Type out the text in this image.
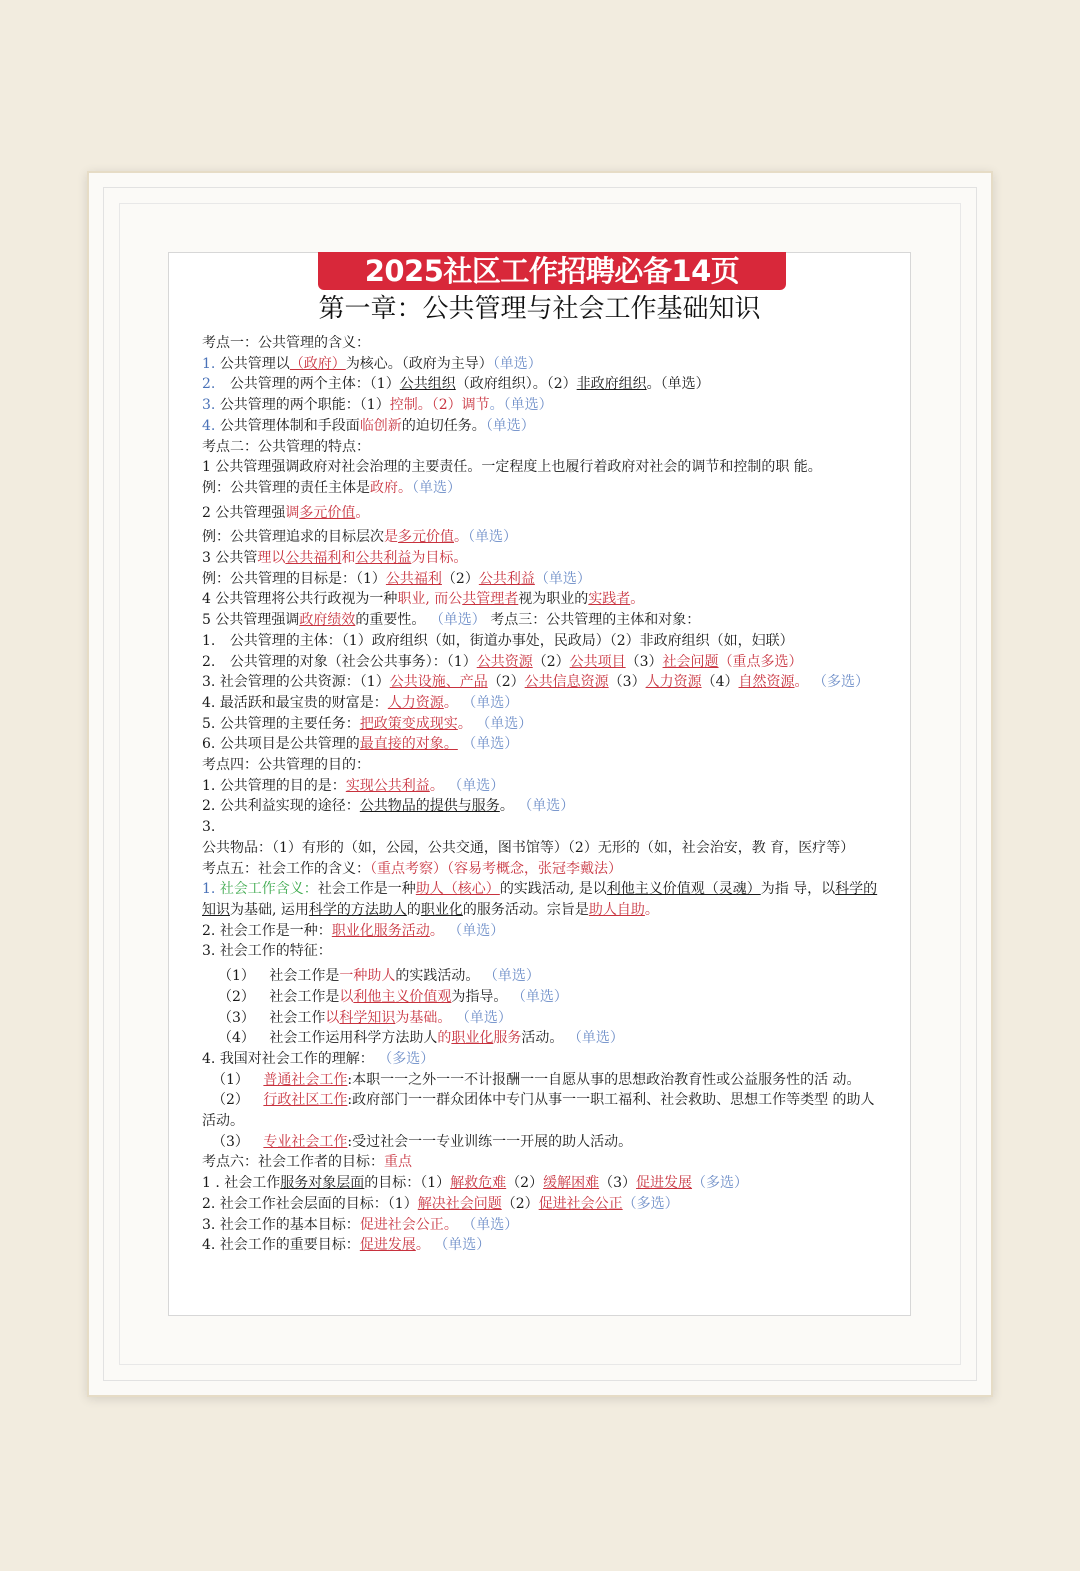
2025社区工作招聘必备14页
第一章：公共管理与社会工作基础知识
考点一：公共管理的含义：
1. 公共管理以（政府）为核心。（政府为主导）（单选）
2. 公共管理的两个主体：（1）公共组织（政府组织）。（2）非政府组织。（单选）
3. 公共管理的两个职能：（1）控制。（2）调节。（单选）
4. 公共管理体制和手段面临创新的迫切任务。（单选）
考点二：公共管理的特点：
1 公共管理强调政府对社会治理的主要责任。一定程度上也履行着政府对社会的调节和控制的职 能。
例：公共管理的责任主体是政府。（单选）
2 公共管理强调多元价值。
例：公共管理追求的目标层次是多元价值。（单选）
3 公共管理以公共福利和公共利益为目标。
例：公共管理的目标是：（1）公共福利（2）公共利益（单选）
4 公共管理将公共行政视为一种职业, 而公共管理者视为职业的实践者。
5 公共管理强调政府绩效的重要性。 （单选） 考点三：公共管理的主体和对象：
1. 公共管理的主体：（1）政府组织（如，街道办事处，民政局）（2）非政府组织（如，妇联）
2. 公共管理的对象（社会公共事务）：（1）公共资源（2）公共项目（3）社会问题（重点多选）
3. 社会管理的公共资源：（1）公共设施、产品（2）公共信息资源（3）人力资源（4）自然资源。 （多选）
4. 最活跃和最宝贵的财富是：人力资源。 （单选）
5. 公共管理的主要任务：把政策变成现实。 （单选）
6. 公共项目是公共管理的最直接的对象。 （单选）
考点四：公共管理的目的：
1. 公共管理的目的是：实现公共利益。 （单选）
2. 公共利益实现的途径：公共物品的提供与服务。 （单选）
3. 公共物品：（1）有形的（如，公园，公共交通，图书馆等）（2）无形的（如，社会治安，教 育，医疗等）
考点五：社会工作的含义：（重点考察）（容易考概念，张冠李戴法）
1. 社会工作含义：社会工作是一种助人（核心）的实践活动, 是以利他主义价值观（灵魂）为指 导，以科学的知识为基础, 运用科学的方法助人的职业化的服务活动。宗旨是助人自助。
2. 社会工作是一种：职业化服务活动。 （单选）
3. 社会工作的特征：
（1） 社会工作是一种助人的实践活动。 （单选）
（2） 社会工作是以利他主义价值观为指导。 （单选）
（3） 社会工作以科学知识为基础。 （单选）
（4） 社会工作运用科学方法助人的职业化服务活动。 （单选）
4. 我国对社会工作的理解： （多选）
（1） 普通社会工作:本职一一之外一一不计报酬一一自愿从事的思想政治教育性或公益服务性的活 动。
（2） 行政社区工作:政府部门一一群众团体中专门从事一一职工福利、社会救助、思想工作等类型 的助人活动。
（3） 专业社会工作:受过社会一一专业训练一一开展的助人活动。
考点六：社会工作者的目标：重点
1 . 社会工作服务对象层面的目标：（1）解救危难（2）缓解困难（3）促进发展（多选）
2. 社会工作社会层面的目标：（1）解决社会问题（2）促进社会公正（多选）
3. 社会工作的基本目标：促进社会公正。 （单选）
4. 社会工作的重要目标：促进发展。 （单选）
